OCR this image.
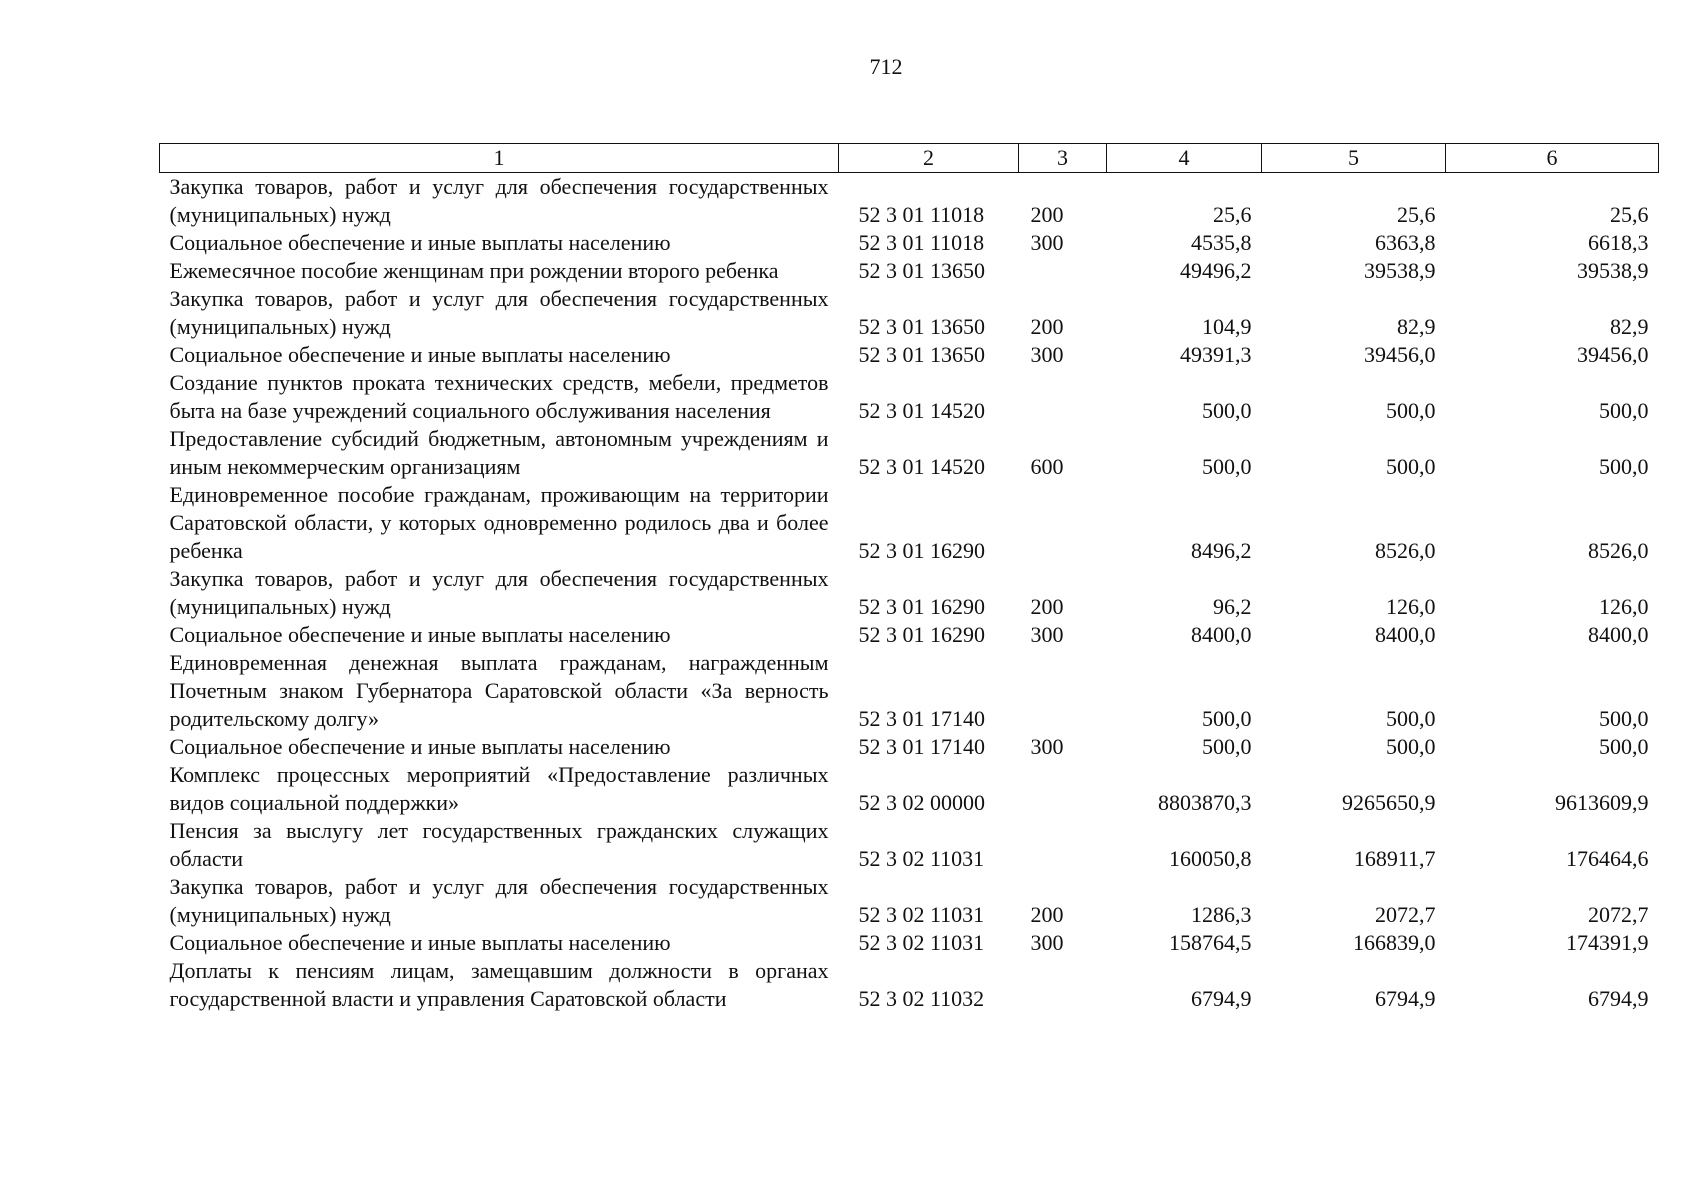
712
1	2	3	4	5	6
Закупка товаров, работ и услуг для обеспечения государственных (муниципальных) нужд	52 3 01 11018	200	25,6	25,6	25,6
Социальное обеспечение и иные выплаты населению	52 3 01 11018	300	4535,8	6363,8	6618,3
Ежемесячное пособие женщинам при рождении второго ребенка	52 3 01 13650		49496,2	39538,9	39538,9
Закупка товаров, работ и услуг для обеспечения государственных (муниципальных) нужд	52 3 01 13650	200	104,9	82,9	82,9
Социальное обеспечение и иные выплаты населению	52 3 01 13650	300	49391,3	39456,0	39456,0
Создание пунктов проката технических средств, мебели, предметов быта на базе учреждений социального обслуживания населения	52 3 01 14520		500,0	500,0	500,0
Предоставление субсидий бюджетным, автономным учреждениям и иным некоммерческим организациям	52 3 01 14520	600	500,0	500,0	500,0
Единовременное пособие гражданам, проживающим на территории Саратовской области, у которых одновременно родилось два и более ребенка	52 3 01 16290		8496,2	8526,0	8526,0
Закупка товаров, работ и услуг для обеспечения государственных (муниципальных) нужд	52 3 01 16290	200	96,2	126,0	126,0
Социальное обеспечение и иные выплаты населению	52 3 01 16290	300	8400,0	8400,0	8400,0
Единовременная денежная выплата гражданам, награжденным Почетным знаком Губернатора Саратовской области «За верность родительскому долгу»	52 3 01 17140		500,0	500,0	500,0
Социальное обеспечение и иные выплаты населению	52 3 01 17140	300	500,0	500,0	500,0
Комплекс процессных мероприятий «Предоставление различных видов социальной поддержки»	52 3 02 00000		8803870,3	9265650,9	9613609,9
Пенсия за выслугу лет государственных гражданских служащих области	52 3 02 11031		160050,8	168911,7	176464,6
Закупка товаров, работ и услуг для обеспечения государственных (муниципальных) нужд	52 3 02 11031	200	1286,3	2072,7	2072,7
Социальное обеспечение и иные выплаты населению	52 3 02 11031	300	158764,5	166839,0	174391,9
Доплаты к пенсиям лицам, замещавшим должности в органах государственной власти и управления Саратовской области	52 3 02 11032		6794,9	6794,9	6794,9
